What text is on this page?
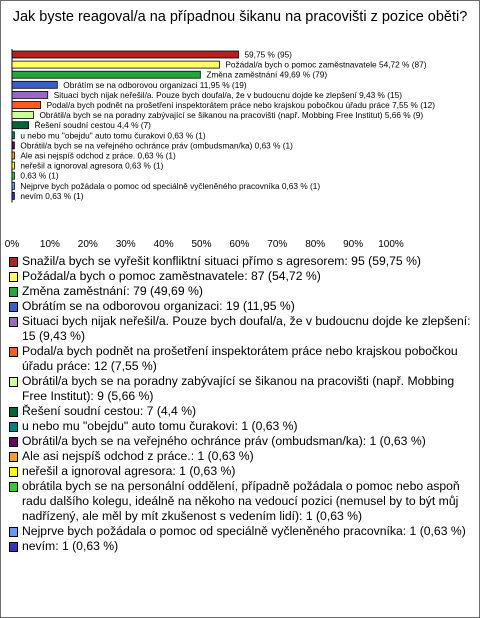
Jak byste reagoval/a na případnou šikanu na pracovišti z pozice oběti?
59,75 % (95)
Požádal/a bych o pomoc zaměstnavatele 54,72 % (87)
Změna zaměstnání 49,69 % (79)
Obrátím se na odborovou organizaci 11,95 % (19)
Situaci bych nijak neřešil/a. Pouze bych doufal/a, že v budoucnu dojde ke zlepšení 9,43 % (15)
Podal/a bych podnět na prošetření inspektorátem práce nebo krajskou pobočkou úřadu práce 7,55 % (12)
Obrátil/a bych se na poradny zabývající se šikanou na pracovišti (např. Mobbing Free Institut) 5,66 % (9)
Řešení soudní cestou 4,4 % (7)
u nebo mu "obejdu" auto tomu čurakovi 0,63 % (1)
Obrátil/a bych se na veřejného ochránce práv (ombudsman/ka) 0,63 % (1)
Ale asi nejspíš odchod z práce. 0,63 % (1)
neřešil a ignoroval agresora 0,63 % (1)
0,63 % (1)
Nejprve bych požádala o pomoc od speciálně vyčleněného pracovníka 0,63 % (1)
nevím 0,63 % (1)
0% 10% 20% 30% 40% 50% 60% 70% 80% 90% 100%
Snažil/a bych se vyřešit konfliktní situaci přímo s agresorem: 95 (59,75 %)
Požádal/a bych o pomoc zaměstnavatele: 87 (54,72 %)
Změna zaměstnání: 79 (49,69 %)
Obrátím se na odborovou organizaci: 19 (11,95 %)
Situaci bych nijak neřešil/a. Pouze bych doufal/a, že v budoucnu dojde ke zlepšení: 15 (9,43 %)
Podal/a bych podnět na prošetření inspektorátem práce nebo krajskou pobočkou úřadu práce: 12 (7,55 %)
Obrátil/a bych se na poradny zabývající se šikanou na pracovišti (např. Mobbing Free Institut): 9 (5,66 %)
Řešení soudní cestou: 7 (4,4 %)
u nebo mu "obejdu" auto tomu čurakovi: 1 (0,63 %)
Obrátil/a bych se na veřejného ochránce práv (ombudsman/ka): 1 (0,63 %)
Ale asi nejspíš odchod z práce.: 1 (0,63 %)
neřešil a ignoroval agresora: 1 (0,63 %)
obrátila bych se na personální oddělení, případně požádala o pomoc nebo aspoň radu dalšího kolegu, ideálně na někoho na vedoucí pozici (nemusel by to být můj nadřízený, ale měl by mít zkušenost s vedením lidí): 1 (0,63 %)
Nejprve bych požádala o pomoc od speciálně vyčleněného pracovníka: 1 (0,63 %)
nevím: 1 (0,63 %)
